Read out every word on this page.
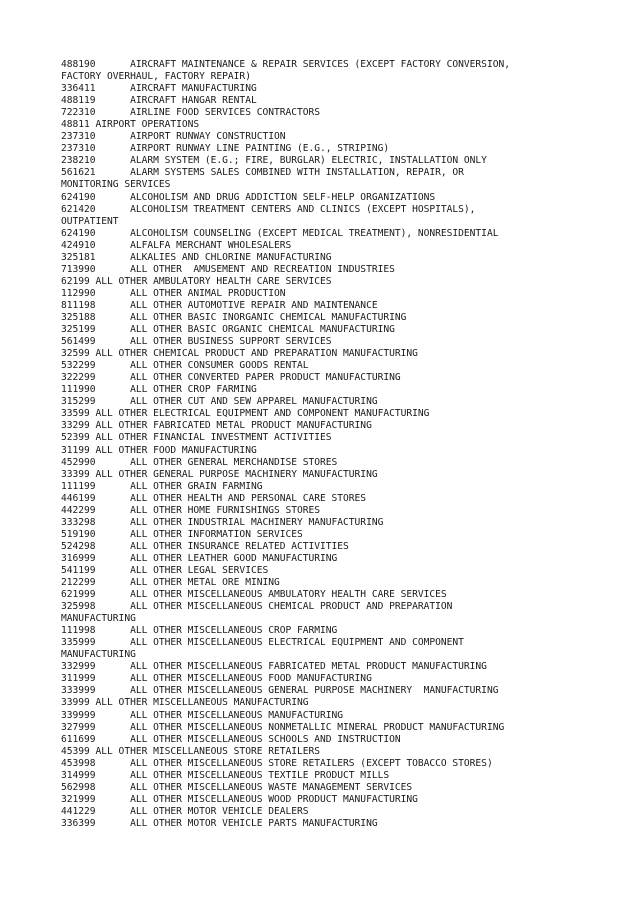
488190      AIRCRAFT MAINTENANCE & REPAIR SERVICES (EXCEPT FACTORY CONVERSION,
FACTORY OVERHAUL, FACTORY REPAIR)
336411      AIRCRAFT MANUFACTURING
488119      AIRCRAFT HANGAR RENTAL
722310      AIRLINE FOOD SERVICES CONTRACTORS
48811 AIRPORT OPERATIONS
237310      AIRPORT RUNWAY CONSTRUCTION
237310      AIRPORT RUNWAY LINE PAINTING (E.G., STRIPING)
238210      ALARM SYSTEM (E.G.; FIRE, BURGLAR) ELECTRIC, INSTALLATION ONLY
561621      ALARM SYSTEMS SALES COMBINED WITH INSTALLATION, REPAIR, OR
MONITORING SERVICES
624190      ALCOHOLISM AND DRUG ADDICTION SELF-HELP ORGANIZATIONS
621420      ALCOHOLISM TREATMENT CENTERS AND CLINICS (EXCEPT HOSPITALS),
OUTPATIENT
624190      ALCOHOLISM COUNSELING (EXCEPT MEDICAL TREATMENT), NONRESIDENTIAL
424910      ALFALFA MERCHANT WHOLESALERS
325181      ALKALIES AND CHLORINE MANUFACTURING
713990      ALL OTHER  AMUSEMENT AND RECREATION INDUSTRIES
62199 ALL OTHER AMBULATORY HEALTH CARE SERVICES
112990      ALL OTHER ANIMAL PRODUCTION
811198      ALL OTHER AUTOMOTIVE REPAIR AND MAINTENANCE
325188      ALL OTHER BASIC INORGANIC CHEMICAL MANUFACTURING
325199      ALL OTHER BASIC ORGANIC CHEMICAL MANUFACTURING
561499      ALL OTHER BUSINESS SUPPORT SERVICES
32599 ALL OTHER CHEMICAL PRODUCT AND PREPARATION MANUFACTURING
532299      ALL OTHER CONSUMER GOODS RENTAL
322299      ALL OTHER CONVERTED PAPER PRODUCT MANUFACTURING
111990      ALL OTHER CROP FARMING
315299      ALL OTHER CUT AND SEW APPAREL MANUFACTURING
33599 ALL OTHER ELECTRICAL EQUIPMENT AND COMPONENT MANUFACTURING
33299 ALL OTHER FABRICATED METAL PRODUCT MANUFACTURING
52399 ALL OTHER FINANCIAL INVESTMENT ACTIVITIES
31199 ALL OTHER FOOD MANUFACTURING
452990      ALL OTHER GENERAL MERCHANDISE STORES
33399 ALL OTHER GENERAL PURPOSE MACHINERY MANUFACTURING
111199      ALL OTHER GRAIN FARMING
446199      ALL OTHER HEALTH AND PERSONAL CARE STORES
442299      ALL OTHER HOME FURNISHINGS STORES
333298      ALL OTHER INDUSTRIAL MACHINERY MANUFACTURING
519190      ALL OTHER INFORMATION SERVICES
524298      ALL OTHER INSURANCE RELATED ACTIVITIES
316999      ALL OTHER LEATHER GOOD MANUFACTURING
541199      ALL OTHER LEGAL SERVICES
212299      ALL OTHER METAL ORE MINING
621999      ALL OTHER MISCELLANEOUS AMBULATORY HEALTH CARE SERVICES
325998      ALL OTHER MISCELLANEOUS CHEMICAL PRODUCT AND PREPARATION
MANUFACTURING
111998      ALL OTHER MISCELLANEOUS CROP FARMING
335999      ALL OTHER MISCELLANEOUS ELECTRICAL EQUIPMENT AND COMPONENT
MANUFACTURING
332999      ALL OTHER MISCELLANEOUS FABRICATED METAL PRODUCT MANUFACTURING
311999      ALL OTHER MISCELLANEOUS FOOD MANUFACTURING
333999      ALL OTHER MISCELLANEOUS GENERAL PURPOSE MACHINERY  MANUFACTURING
33999 ALL OTHER MISCELLANEOUS MANUFACTURING
339999      ALL OTHER MISCELLANEOUS MANUFACTURING
327999      ALL OTHER MISCELLANEOUS NONMETALLIC MINERAL PRODUCT MANUFACTURING
611699      ALL OTHER MISCELLANEOUS SCHOOLS AND INSTRUCTION
45399 ALL OTHER MISCELLANEOUS STORE RETAILERS
453998      ALL OTHER MISCELLANEOUS STORE RETAILERS (EXCEPT TOBACCO STORES)
314999      ALL OTHER MISCELLANEOUS TEXTILE PRODUCT MILLS
562998      ALL OTHER MISCELLANEOUS WASTE MANAGEMENT SERVICES
321999      ALL OTHER MISCELLANEOUS WOOD PRODUCT MANUFACTURING
441229      ALL OTHER MOTOR VEHICLE DEALERS
336399      ALL OTHER MOTOR VEHICLE PARTS MANUFACTURING
